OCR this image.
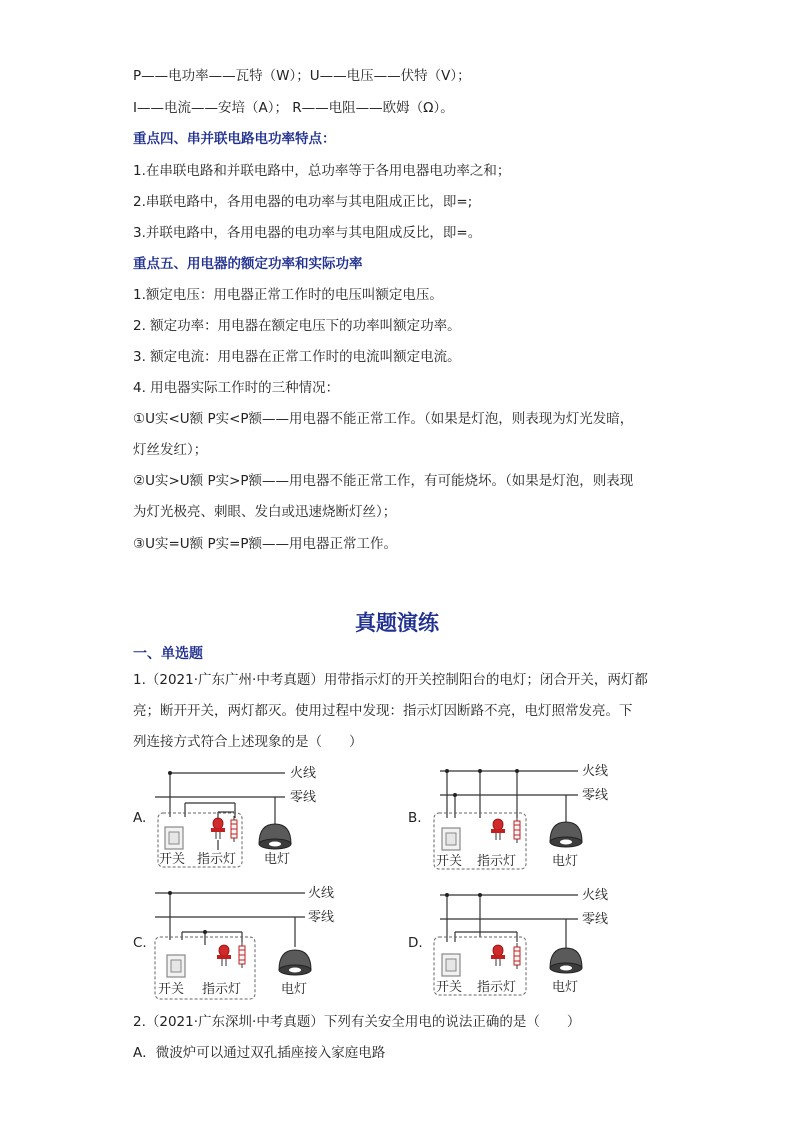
P——电功率——瓦特（W）；U——电压——伏特（V）；
I——电流——安培（A）； R——电阻——欧姆（Ω）。
重点四、串并联电路电功率特点：
1.在串联电路和并联电路中，总功率等于各用电器电功率之和；
2.串联电路中，各用电器的电功率与其电阻成正比，即=;
3.并联电路中，各用电器的电功率与其电阻成反比，即=。
重点五、用电器的额定功率和实际功率
1.额定电压：用电器正常工作时的电压叫额定电压。
2. 额定功率：用电器在额定电压下的功率叫额定功率。
3. 额定电流：用电器在正常工作时的电流叫额定电流。
4. 用电器实际工作时的三种情况：
①U实<U额 P实<P额——用电器不能正常工作。（如果是灯泡，则表现为灯光发暗，
灯丝发红）；
②U实>U额 P实>P额——用电器不能正常工作，有可能烧坏。（如果是灯泡，则表现
为灯光极亮、刺眼、发白或迅速烧断灯丝）；
③U实=U额 P实=P额——用电器正常工作。
真题演练
一、单选题
1.（2021·广东广州·中考真题）用带指示灯的开关控制阳台的电灯；闭合开关，两灯都
亮；断开开关，两灯都灭。使用过程中发现：指示灯因断路不亮，电灯照常发亮。下
列连接方式符合上述现象的是（　　）
A.	B.
C.	D.
火线
零线
开关 指示灯 电灯
火线
零线
开关 指示灯	电灯
火线
零线
开关 指示灯	电灯
火线
零线
开关 指示灯	电灯
2.（2021·广东深圳·中考真题）下列有关安全用电的说法正确的是（　　）
A．微波炉可以通过双孔插座接入家庭电路
